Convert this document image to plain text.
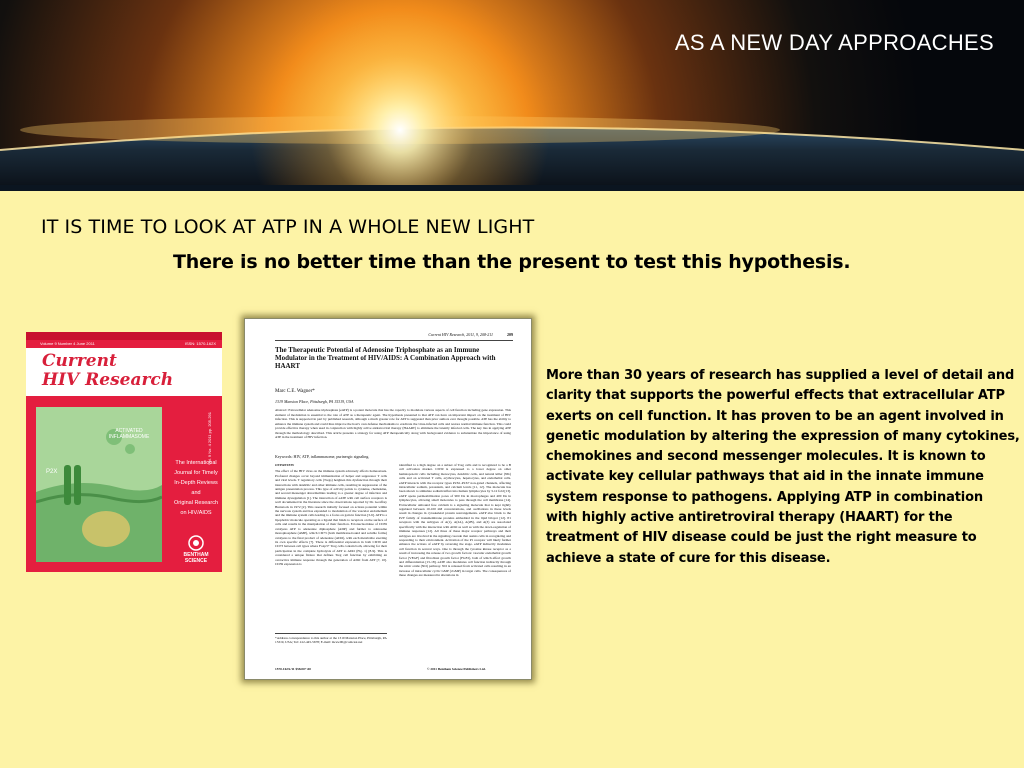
AS A NEW DAY APPROACHES
IT IS TIME TO LOOK AT ATP IN A WHOLE NEW LIGHT
There is no better time than the present to test this hypothesis.
Volume 9 Number 4 June 2011	ISSN: 1570-162X
Current
HIV Research
P2X
ACTIVATED
INFLAMMASOME	Vol. 9 No. 4 2011 pp. 205-291
The International
Journal for Timely
In-Depth Reviews
and
Original Research
on HIV/AIDS
BENTHAM
SCIENCE
Current HIV Research, 2011, 9, 208-211	209
The Therapeutic Potential of Adenosine Triphosphate as an Immune Modulator in the Treatment of HIV/AIDS: A Combination Approach with HAART
Marc C.E. Wagner*
1319 Mansion Place, Pittsburgh, PA 15319, USA
Abstract: Extracellular adenosine triphosphate (eATP) is a potent molecule that has the capacity to modulate various aspects of cell function including gene expression. This element of modulation is essential to the role of ATP as a therapeutic agent. The hypothesis presented is that ATP can have an important impact on the treatment of HIV infection. This is supported in part by published research, although a much greater role for ATP is suggested than prior authors ever thought possible. ATP has the ability to enhance the immune system and could thus improve the host's own defense mechanisms to eradicate the virus-infected cells and restore normal immune function. This could provide effective therapy when used in conjunction with highly active antiretroviral therapy (HAART) to eliminate the latently infected cells. The key lies in applying ATP through the methodology described. This article presents a strategy for using ATP therapeutically along with background evidence to substantiate the importance of using ATP in the treatment of HIV infection.
Keywords: HIV, ATP, inflammasome, purinergic signaling.
OVERVIEW
The effect of the HIV virus on the immune system adversely affects homeostasis. Profound changes occur beyond immunization of helper and suppressor T cells and viral levels. T regulatory cells (Tregs) heighten this dysfunction through their interactions with dendritic and other immune cells, resulting in suppression of the antigen presentation process. This type of activity points to cytokine, chemokine, and second messenger abnormalities leading to a greater degree of infection and immune dysregulation [1]. The interaction of eATP with cell surface receptors is well documented in the literature since the observations reported by Dr. Geoffrey Burnstock in 1972 [2]. This research initially focused on actions potential within the nervous system and has expanded to modulation of the vascular endothelium and the immune system cells leading to a focus on gain in function [3-6]. ATP is a lipophobic molecule operating as a ligand that binds to receptors on the surface of cells and results in the manipulation of their function. Ectonucleotidase of CD39 catalyzes ATP to adenosine diphosphate (ADP) and further to adenosine monophosphate (AMP), which CD73 (both membrane-bound and soluble forms) catalyzes to the final product of adenosine (ADO), with each metabolite exerting its own specific effects [7]. There is differential expression in both CD39 and CD73 between cell types where Foxp3+ Treg cells contain both, allowing for their participation in the complete hydrolysis of ATP to ADO (Fig. 1) [8-9]. This is considered a unique fixture that defines Treg cell function by exhibiting an overactive immune response through the generation of ADO from ATP [7, 10]. CD39 expression is
identified to a high degree on a subset of Treg cells and is recognized to be a B cell activation marker. CD39 is expressed to a lower degree on other hematopoietic cells including monocytes, dendritic cells, and natural killer (NK) cells and on activated T cells, erythrocytes, hepatocytes, and endothelial cells. eATP interacts with the receptor types P2X1-P2X7 non-gated channels, affecting intracellular sodium, potassium, and calcium levels [11, 12]. The molecule has been shown to stimulate sodium influx into human lymphocytes by 3-12 fold [13]. eATP opens permeabilization pores of 900 Da in macrophages and 400 Da in lymphocytes, allowing small molecules to pass through the cell membrane [14]. Extracellular unbound free calcium is a signaling molecule that is kept tightly regulated between 10-100 nM concentrations, and oscillations in these levels result in changes in cytoskeletal protein rearrangements. eATP also binds to the P2Y family of transmembrane proteins embedded in the lipid bilayer [12]. P1 receptors with the subtypes of A(1), A(2A), A(2B), and A(3) are associated specifically with the interaction with ADO as well as with the down-regulation of immune responses [12]. All three of these major receptor pathways and their subtypes are involved in the signaling cascade that assists cells in recognizing and responding to their environment. Activation of the P1 receptor will likely further enhance the actions of eATP by reversing the stage. eATP indirectly modulates cell function in several ways. One is through the tyrosine kinase receptor as a result of increasing the release of two growth factors: vascular endothelial growth factor (VEGF) and fibroblast growth factor (FGF2), both of which affect growth and differentiation [15-18]. eATP also modulates cell function indirectly through the nitric oxide (NO) pathway. NO is released from activated cells resulting in an increase of intracellular cyclic GMP (cGMP) in target cells. The consequences of these changes are measured in alterations in
*Address correspondence to this author at the 1319 Mansion Place, Pittsburgh, PA 15319, USA; Tel: 412-445-5678; E-mail: mcew00@comcast.net
1570-162X/11 $58.00+.00	© 2011 Bentham Science Publishers Ltd.
More than 30 years of research has supplied a level of detail and
clarity that supports the powerful effects that extracellular ATP
exerts on cell function. It has proven to be an agent involved in
genetic modulation by altering the expression of many cytokines,
chemokines and second messenger molecules. It is known to
activate key cellular pathways that aid in the innate immune
system response to pathogens. Applying ATP in combination
with highly active antiretroviral therapy (HAART) for the
treatment of HIV disease could be just the right measure to
achieve a state of cure for this disease.
